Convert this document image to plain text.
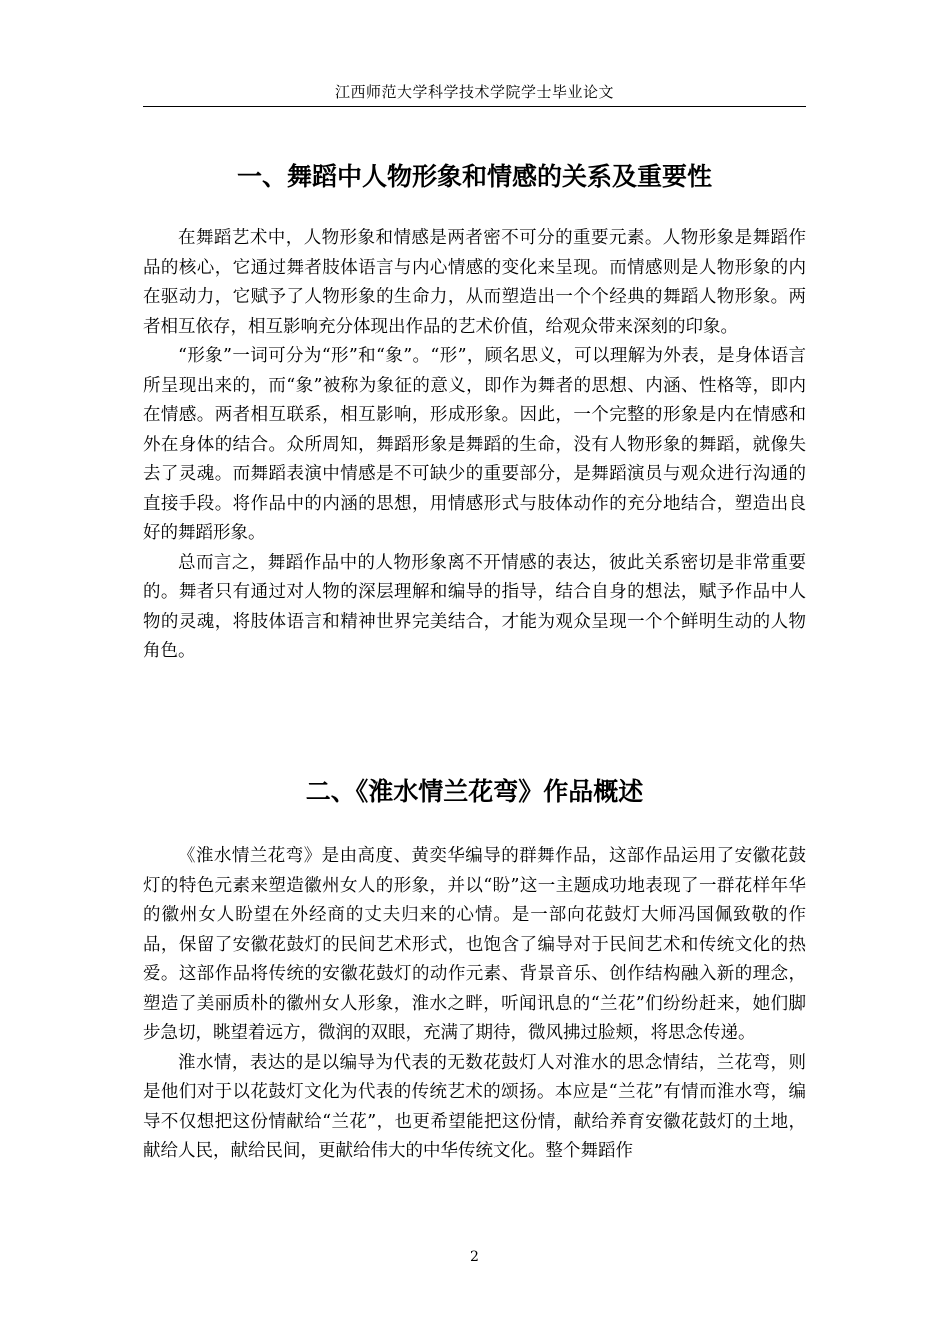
江西师范大学科学技术学院学士毕业论文
一、舞蹈中人物形象和情感的关系及重要性

在舞蹈艺术中，人物形象和情感是两者密不可分的重要元素。人物形象是舞蹈作品的核心，它通过舞者肢体语言与内心情感的变化来呈现。而情感则是人物形象的内在驱动力，它赋予了人物形象的生命力，从而塑造出一个个经典的舞蹈人物形象。两者相互依存，相互影响充分体现出作品的艺术价值，给观众带来深刻的印象。

“形象”一词可分为“形”和“象”。“形”，顾名思义，可以理解为外表，是身体语言所呈现出来的，而“象”被称为象征的意义，即作为舞者的思想、内涵、性格等，即内在情感。两者相互联系，相互影响，形成形象。因此，一个完整的形象是内在情感和外在身体的结合。众所周知，舞蹈形象是舞蹈的生命，没有人物形象的舞蹈，就像失去了灵魂。而舞蹈表演中情感是不可缺少的重要部分，是舞蹈演员与观众进行沟通的直接手段。将作品中的内涵的思想，用情感形式与肢体动作的充分地结合，塑造出良好的舞蹈形象。

总而言之，舞蹈作品中的人物形象离不开情感的表达，彼此关系密切是非常重要的。舞者只有通过对人物的深层理解和编导的指导，结合自身的想法，赋予作品中人物的灵魂，将肢体语言和精神世界完美结合，才能为观众呈现一个个鲜明生动的人物角色。

二、《淮水情兰花弯》作品概述

《淮水情兰花弯》是由高度、黄奕华编导的群舞作品，这部作品运用了安徽花鼓灯的特色元素来塑造徽州女人的形象，并以“盼”这一主题成功地表现了一群花样年华的徽州女人盼望在外经商的丈夫归来的心情。是一部向花鼓灯大师冯国佩致敬的作品，保留了安徽花鼓灯的民间艺术形式，也饱含了编导对于民间艺术和传统文化的热爱。这部作品将传统的安徽花鼓灯的动作元素、背景音乐、创作结构融入新的理念，塑造了美丽质朴的徽州女人形象，淮水之畔，听闻讯息的“兰花”们纷纷赶来，她们脚步急切，眺望着远方，微润的双眼，充满了期待，微风拂过脸颊，将思念传递。

淮水情，表达的是以编导为代表的无数花鼓灯人对淮水的思念情结，兰花弯，则是他们对于以花鼓灯文化为代表的传统艺术的颂扬。本应是“兰花”有情而淮水弯，编导不仅想把这份情献给“兰花”，也更希望能把这份情，献给养育安徽花鼓灯的土地，献给人民，献给民间，更献给伟大的中华传统文化。整个舞蹈作

2
